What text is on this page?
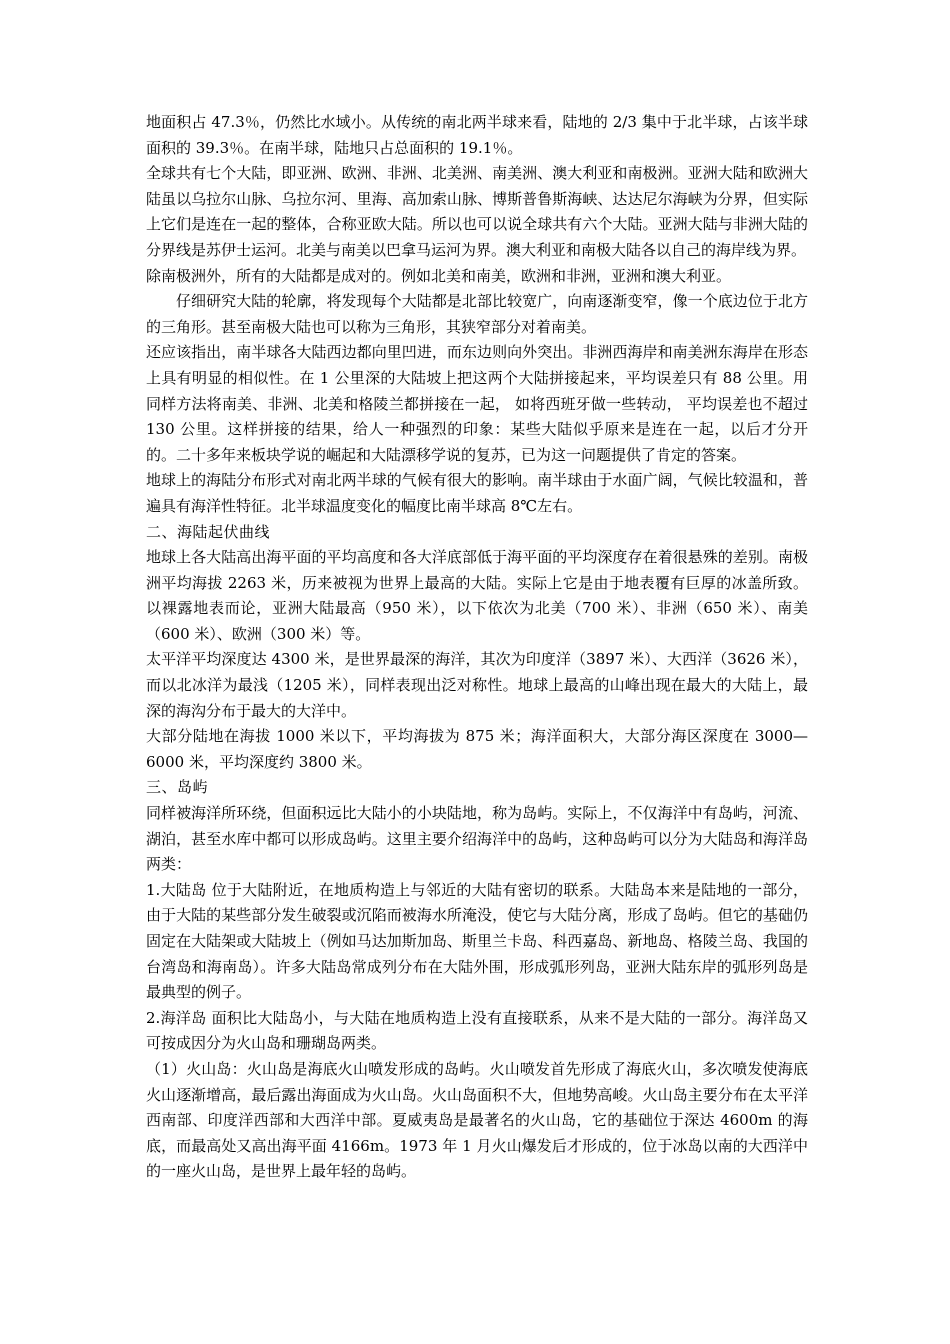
地面积占 47.3％，仍然比水域小。从传统的南北两半球来看，陆地的 2/3 集中于北半球，占该半球面积的 39.3％。在南半球，陆地只占总面积的 19.1％。

全球共有七个大陆，即亚洲、欧洲、非洲、北美洲、南美洲、澳大利亚和南极洲。亚洲大陆和欧洲大陆虽以乌拉尔山脉、乌拉尔河、里海、高加索山脉、博斯普鲁斯海峡、达达尼尔海峡为分界，但实际上它们是连在一起的整体，合称亚欧大陆。所以也可以说全球共有六个大陆。亚洲大陆与非洲大陆的分界线是苏伊士运河。北美与南美以巴拿马运河为界。澳大利亚和南极大陆各以自己的海岸线为界。

除南极洲外，所有的大陆都是成对的。例如北美和南美，欧洲和非洲，亚洲和澳大利亚。

仔细研究大陆的轮廓，将发现每个大陆都是北部比较宽广，向南逐渐变窄，像一个底边位于北方的三角形。甚至南极大陆也可以称为三角形，其狭窄部分对着南美。

还应该指出，南半球各大陆西边都向里凹进，而东边则向外突出。非洲西海岸和南美洲东海岸在形态上具有明显的相似性。在 1 公里深的大陆坡上把这两个大陆拼接起来，平均误差只有 88 公里。用同样方法将南美、非洲、北美和格陵兰都拼接在一起， 如将西班牙做一些转动， 平均误差也不超过 130 公里。这样拼接的结果，给人一种强烈的印象：某些大陆似乎原来是连在一起，以后才分开的。二十多年来板块学说的崛起和大陆漂移学说的复苏，已为这一问题提供了肯定的答案。

地球上的海陆分布形式对南北两半球的气候有很大的影响。南半球由于水面广阔，气候比较温和，普遍具有海洋性特征。北半球温度变化的幅度比南半球高 8℃左右。

二、海陆起伏曲线

地球上各大陆高出海平面的平均高度和各大洋底部低于海平面的平均深度存在着很悬殊的差别。南极洲平均海拔 2263 米，历来被视为世界上最高的大陆。实际上它是由于地表覆有巨厚的冰盖所致。以裸露地表而论，亚洲大陆最高（950 米），以下依次为北美（700 米）、非洲（650 米）、南美（600 米）、欧洲（300 米）等。

太平洋平均深度达 4300 米，是世界最深的海洋，其次为印度洋（3897 米）、大西洋（3626 米），而以北冰洋为最浅（1205 米），同样表现出泛对称性。地球上最高的山峰出现在最大的大陆上，最深的海沟分布于最大的大洋中。

大部分陆地在海拔 1000 米以下，平均海拔为 875 米；海洋面积大，大部分海区深度在 3000—6000 米，平均深度约 3800 米。

三、岛屿

同样被海洋所环绕，但面积远比大陆小的小块陆地，称为岛屿。实际上，不仅海洋中有岛屿，河流、湖泊，甚至水库中都可以形成岛屿。这里主要介绍海洋中的岛屿，这种岛屿可以分为大陆岛和海洋岛两类：

1.大陆岛 位于大陆附近，在地质构造上与邻近的大陆有密切的联系。大陆岛本来是陆地的一部分，由于大陆的某些部分发生破裂或沉陷而被海水所淹没，使它与大陆分离，形成了岛屿。但它的基础仍固定在大陆架或大陆坡上（例如马达加斯加岛、斯里兰卡岛、科西嘉岛、新地岛、格陵兰岛、我国的台湾岛和海南岛）。许多大陆岛常成列分布在大陆外围，形成弧形列岛，亚洲大陆东岸的弧形列岛是最典型的例子。

2.海洋岛 面积比大陆岛小，与大陆在地质构造上没有直接联系，从来不是大陆的一部分。海洋岛又可按成因分为火山岛和珊瑚岛两类。

（1）火山岛：火山岛是海底火山喷发形成的岛屿。火山喷发首先形成了海底火山，多次喷发使海底火山逐渐增高，最后露出海面成为火山岛。火山岛面积不大，但地势高峻。火山岛主要分布在太平洋西南部、印度洋西部和大西洋中部。夏威夷岛是最著名的火山岛，它的基础位于深达 4600m 的海底，而最高处又高出海平面 4166m。1973 年 1 月火山爆发后才形成的，位于冰岛以南的大西洋中的一座火山岛，是世界上最年轻的岛屿。
